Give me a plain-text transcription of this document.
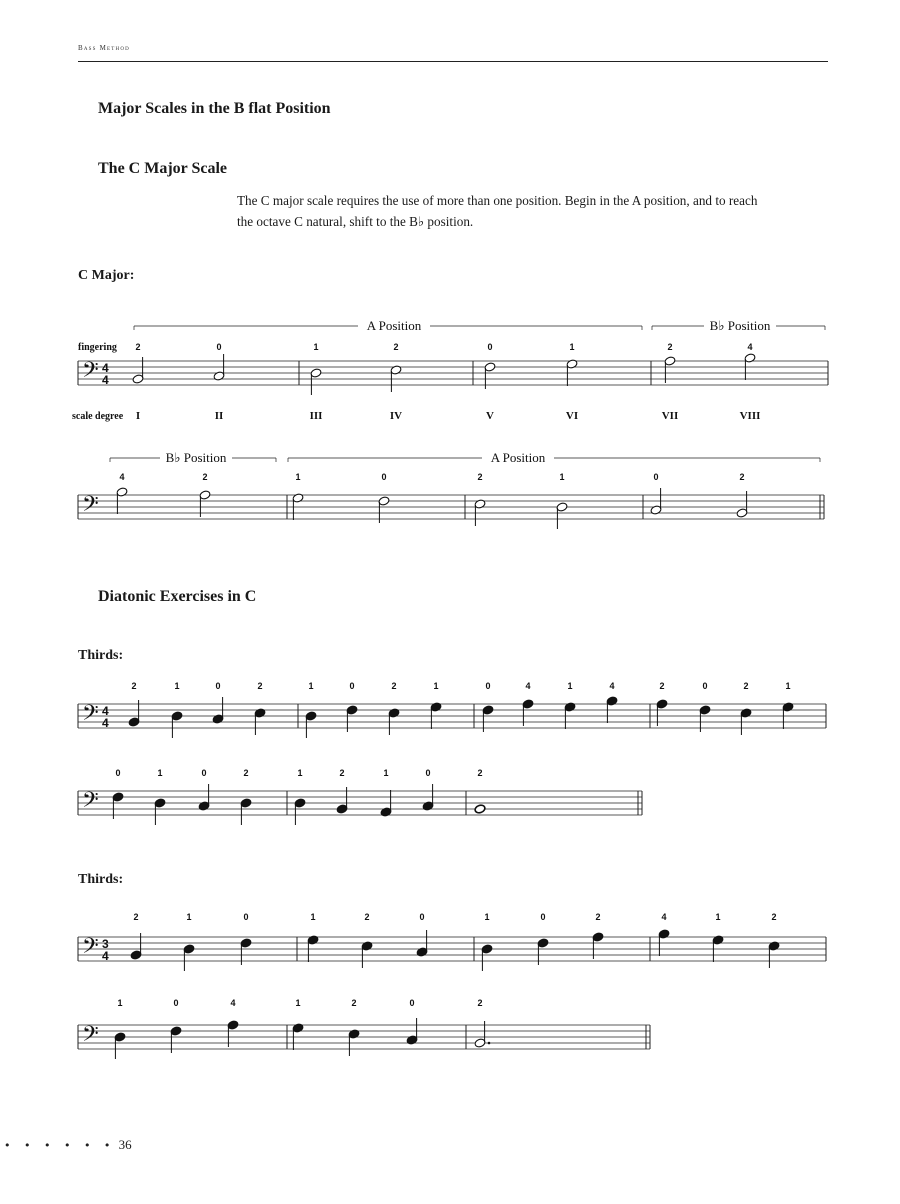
Bass Method
Major Scales in the B flat Position
The C Major Scale
The C major scale requires the use of more than one position. Begin in the A position, and to reach the octave C natural, shift to the B♭ position.
C Major:
Diatonic Exercises in C
Thirds:
Thirds:
• • • • • • 36
𝄢 4
4
fingering
scale degree
2
I
0
II
1
III
2
IV
0
V
1
VI
2
VII
4
VIII
A Position	B♭ Position
𝄢
4	2	1	0	2	1	0	2
B♭ Position	A Position
𝄢 4
4
2	1	0	2	1	0	2	1	0	4	1	4	2	0	2	1
𝄢
0	1	0	2	1	2	1	0	2
𝄢 3
4
2	1	0	1	2	0	1	0	2	4	1	2
𝄢
1	0	4	1	2	0	2
